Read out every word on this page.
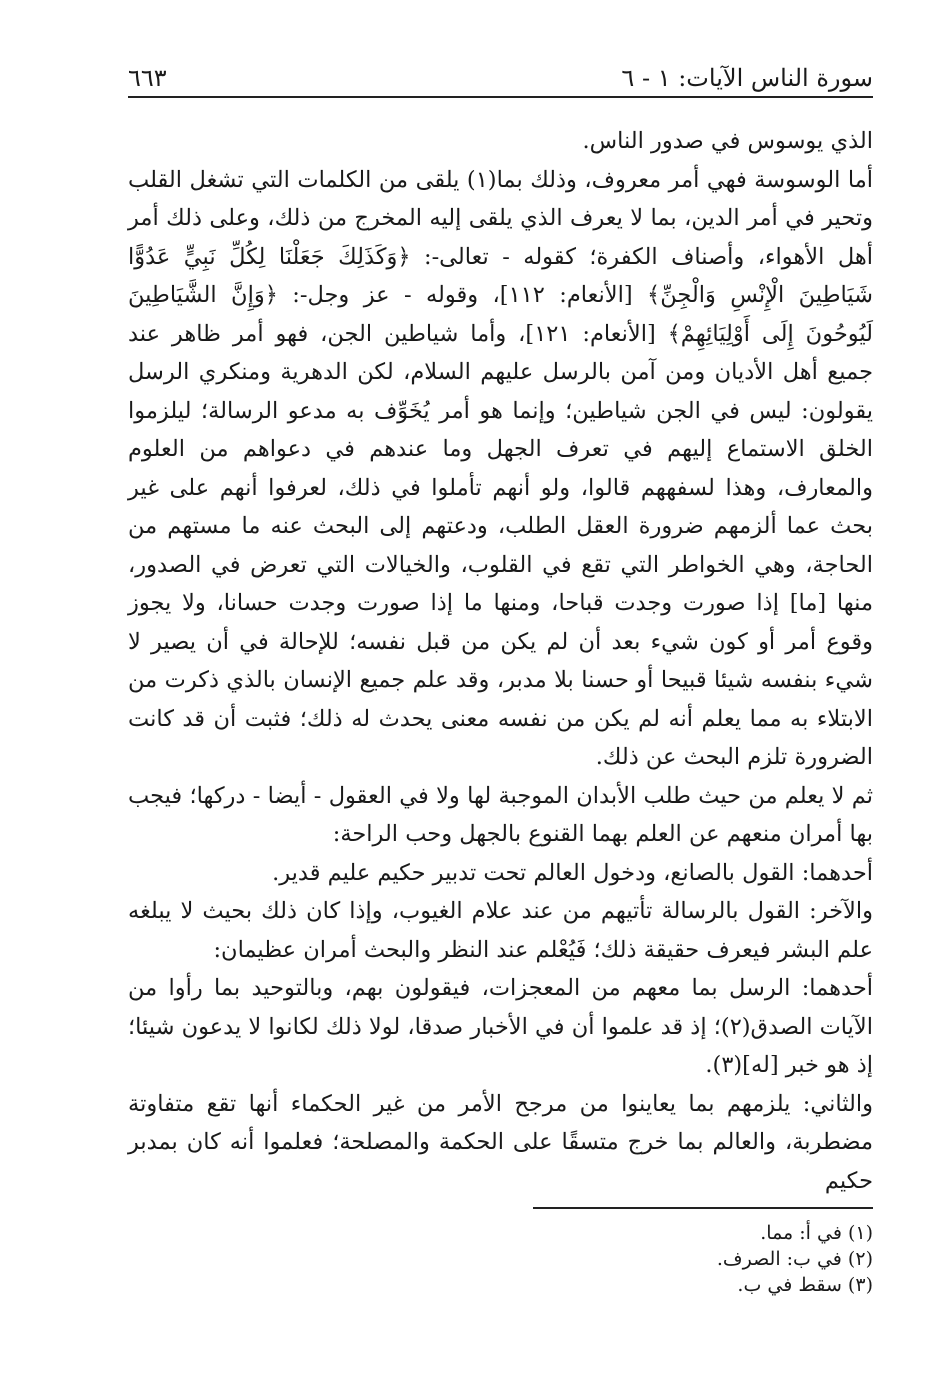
سورة الناس الآيات: ١ - ٦
٦٦٣

الذي يوسوس في صدور الناس.

أما الوسوسة فهي أمر معروف، وذلك بما(١) يلقى من الكلمات التي تشغل القلب وتحير في أمر الدين، بما لا يعرف الذي يلقى إليه المخرج من ذلك، وعلى ذلك أمر أهل الأهواء، وأصناف الكفرة؛ كقوله - تعالى-: ﴿وَكَذَلِكَ جَعَلْنَا لِكُلِّ نَبِيٍّ عَدُوًّا شَيَاطِينَ الْإِنْسِ وَالْجِنِّ﴾ [الأنعام: ١١٢]، وقوله - عز وجل-: ﴿وَإِنَّ الشَّيَاطِينَ لَيُوحُونَ إِلَى أَوْلِيَائِهِمْ﴾ [الأنعام: ١٢١]، وأما شياطين الجن، فهو أمر ظاهر عند جميع أهل الأديان ومن آمن بالرسل عليهم السلام، لكن الدهرية ومنكري الرسل يقولون: ليس في الجن شياطين؛ وإنما هو أمر يُخَوِّف به مدعو الرسالة؛ ليلزموا الخلق الاستماع إليهم في تعرف الجهل وما عندهم في دعواهم من العلوم والمعارف، وهذا لسفههم قالوا، ولو أنهم تأملوا في ذلك، لعرفوا أنهم على غير بحث عما ألزمهم ضرورة العقل الطلب، ودعتهم إلى البحث عنه ما مستهم من الحاجة، وهي الخواطر التي تقع في القلوب، والخيالات التي تعرض في الصدور، منها [ما] إذا صورت وجدت قباحا، ومنها ما إذا صورت وجدت حسانا، ولا يجوز وقوع أمر أو كون شيء بعد أن لم يكن من قبل نفسه؛ للإحالة في أن يصير لا شيء بنفسه شيئا قبيحا أو حسنا بلا مدبر، وقد علم جميع الإنسان بالذي ذكرت من الابتلاء به مما يعلم أنه لم يكن من نفسه معنى يحدث له ذلك؛ فثبت أن قد كانت الضرورة تلزم البحث عن ذلك.

ثم لا يعلم من حيث طلب الأبدان الموجبة لها ولا في العقول - أيضا - دركها؛ فيجب بها أمران منعهم عن العلم بهما القنوع بالجهل وحب الراحة:

أحدهما: القول بالصانع، ودخول العالم تحت تدبير حكيم عليم قدير.

والآخر: القول بالرسالة تأتيهم من عند علام الغيوب، وإذا كان ذلك بحيث لا يبلغه علم البشر فيعرف حقيقة ذلك؛ فَيُعْلم عند النظر والبحث أمران عظيمان:

أحدهما: الرسل بما معهم من المعجزات، فيقولون بهم، وبالتوحيد بما رأوا من الآيات الصدق(٢)؛ إذ قد علموا أن في الأخبار صدقا، لولا ذلك لكانوا لا يدعون شيئا؛ إذ هو خبر [له](٣).

والثاني: يلزمهم بما يعاينوا من مرجح الأمر من غير الحكماء أنها تقع متفاوتة مضطربة، والعالم بما خرج متسقًا على الحكمة والمصلحة؛ فعلموا أنه كان بمدبر حكيم

(١) في أ: مما.
(٢) في ب: الصرف.
(٣) سقط في ب.
